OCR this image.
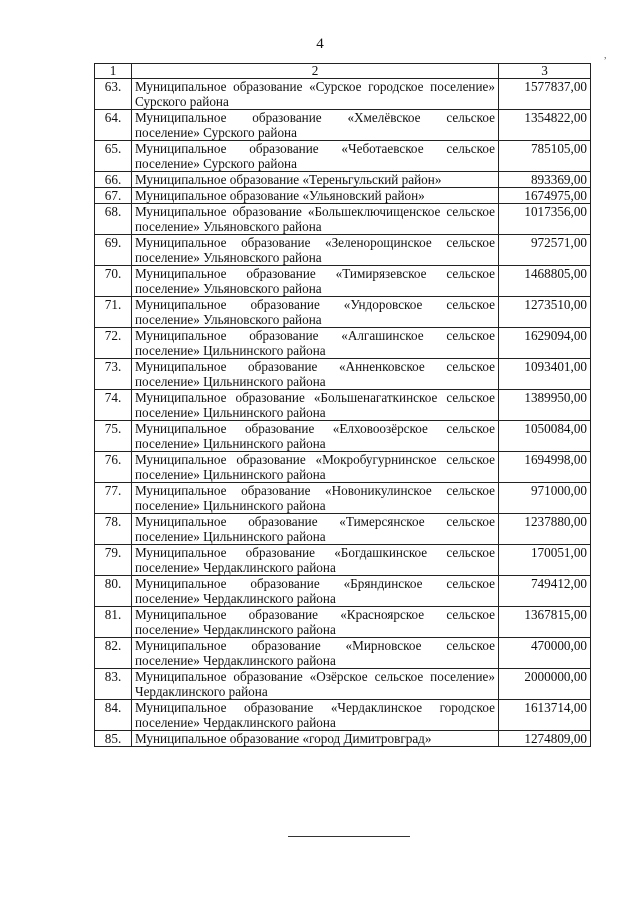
4
,
1	2	3
63.	Муниципальное образование «Сурское городское поселение» Сурского района	1577837,00
64.	Муниципальное образование «Хмелёвское сельское поселение» Сурского района	1354822,00
65.	Муниципальное образование «Чеботаевское сельское поселение» Сурского района	785105,00
66.	Муниципальное образование «Тереньгульский район»	893369,00
67.	Муниципальное образование «Ульяновский район»	1674975,00
68.	Муниципальное образование «Большеключищенское сельское поселение» Ульяновского района	1017356,00
69.	Муниципальное образование «Зеленорощинское сельское поселение» Ульяновского района	972571,00
70.	Муниципальное образование «Тимирязевское сельское поселение» Ульяновского района	1468805,00
71.	Муниципальное образование «Ундоровское сельское поселение» Ульяновского района	1273510,00
72.	Муниципальное образование «Алгашинское сельское поселение» Цильнинского района	1629094,00
73.	Муниципальное образование «Анненковское сельское поселение» Цильнинского района	1093401,00
74.	Муниципальное образование «Большенагаткинское сельское поселение» Цильнинского района	1389950,00
75.	Муниципальное образование «Елховоозёрское сельское поселение» Цильнинского района	1050084,00
76.	Муниципальное образование «Мокробугурнинское сельское поселение» Цильнинского района	1694998,00
77.	Муниципальное образование «Новоникулинское сельское поселение» Цильнинского района	971000,00
78.	Муниципальное образование «Тимерсянское сельское поселение» Цильнинского района	1237880,00
79.	Муниципальное образование «Богдашкинское сельское поселение» Чердаклинского района	170051,00
80.	Муниципальное образование «Бряндинское сельское поселение» Чердаклинского района	749412,00
81.	Муниципальное образование «Красноярское сельское поселение» Чердаклинского района	1367815,00
82.	Муниципальное образование «Мирновское сельское поселение» Чердаклинского района	470000,00
83.	Муниципальное образование «Озёрское сельское поселение» Чердаклинского района	2000000,00
84.	Муниципальное образование «Чердаклинское городское поселение» Чердаклинского района	1613714,00
85.	Муниципальное образование «город Димитровград»	1274809,00
